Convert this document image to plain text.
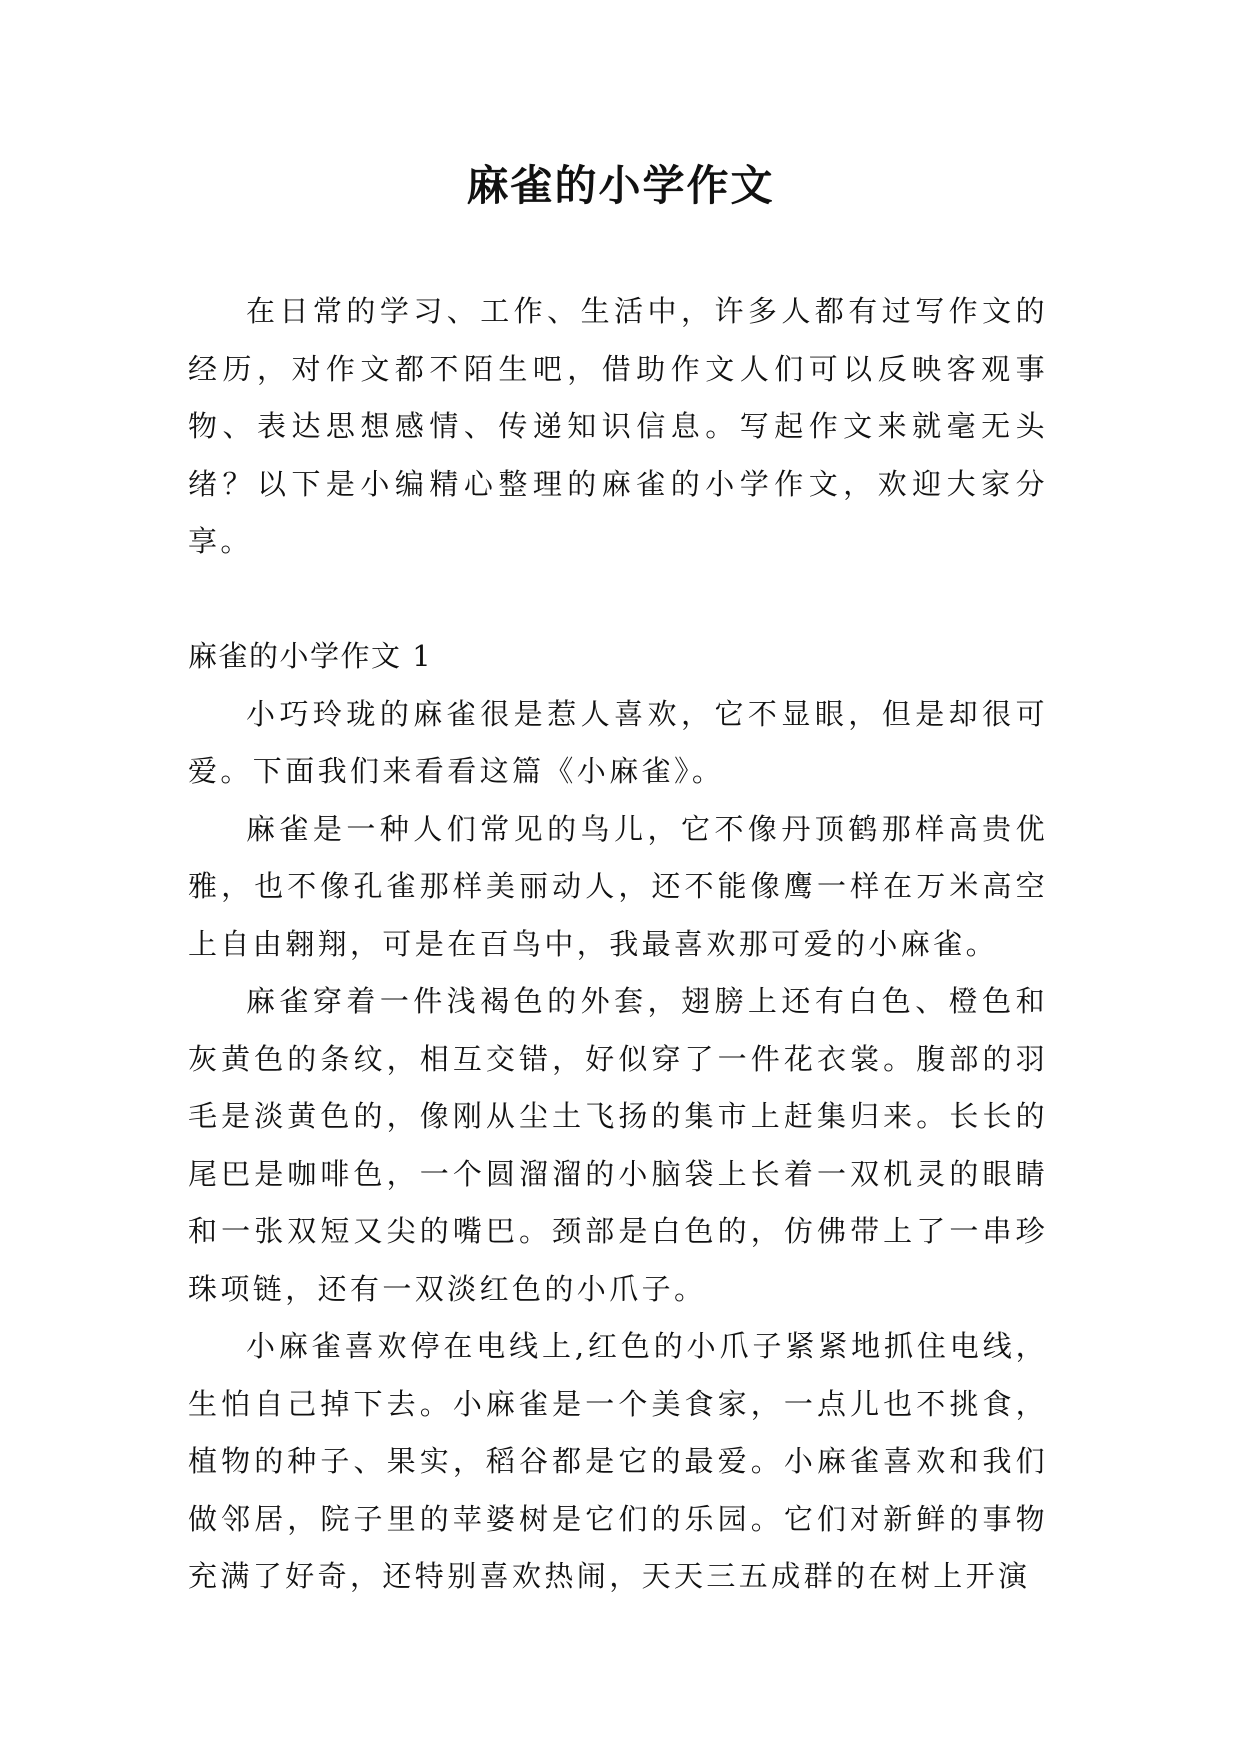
麻雀的小学作文

在日常的学习、工作、生活中，许多人都有过写作文的经历，对作文都不陌生吧，借助作文人们可以反映客观事物、表达思想感情、传递知识信息。写起作文来就毫无头绪？以下是小编精心整理的麻雀的小学作文，欢迎大家分享。

麻雀的小学作文 1

小巧玲珑的麻雀很是惹人喜欢，它不显眼，但是却很可爱。下面我们来看看这篇《小麻雀》。

麻雀是一种人们常见的鸟儿，它不像丹顶鹤那样高贵优雅，也不像孔雀那样美丽动人，还不能像鹰一样在万米高空上自由翱翔，可是在百鸟中，我最喜欢那可爱的小麻雀。

麻雀穿着一件浅褐色的外套，翅膀上还有白色、橙色和灰黄色的条纹，相互交错，好似穿了一件花衣裳。腹部的羽毛是淡黄色的，像刚从尘土飞扬的集市上赶集归来。长长的尾巴是咖啡色，一个圆溜溜的小脑袋上长着一双机灵的眼睛和一张双短又尖的嘴巴。颈部是白色的，仿佛带上了一串珍珠项链，还有一双淡红色的小爪子。

小麻雀喜欢停在电线上,红色的小爪子紧紧地抓住电线，生怕自己掉下去。小麻雀是一个美食家，一点儿也不挑食，植物的种子、果实，稻谷都是它的最爱。小麻雀喜欢和我们做邻居，院子里的苹婆树是它们的乐园。它们对新鲜的事物充满了好奇，还特别喜欢热闹，天天三五成群的在树上开演
